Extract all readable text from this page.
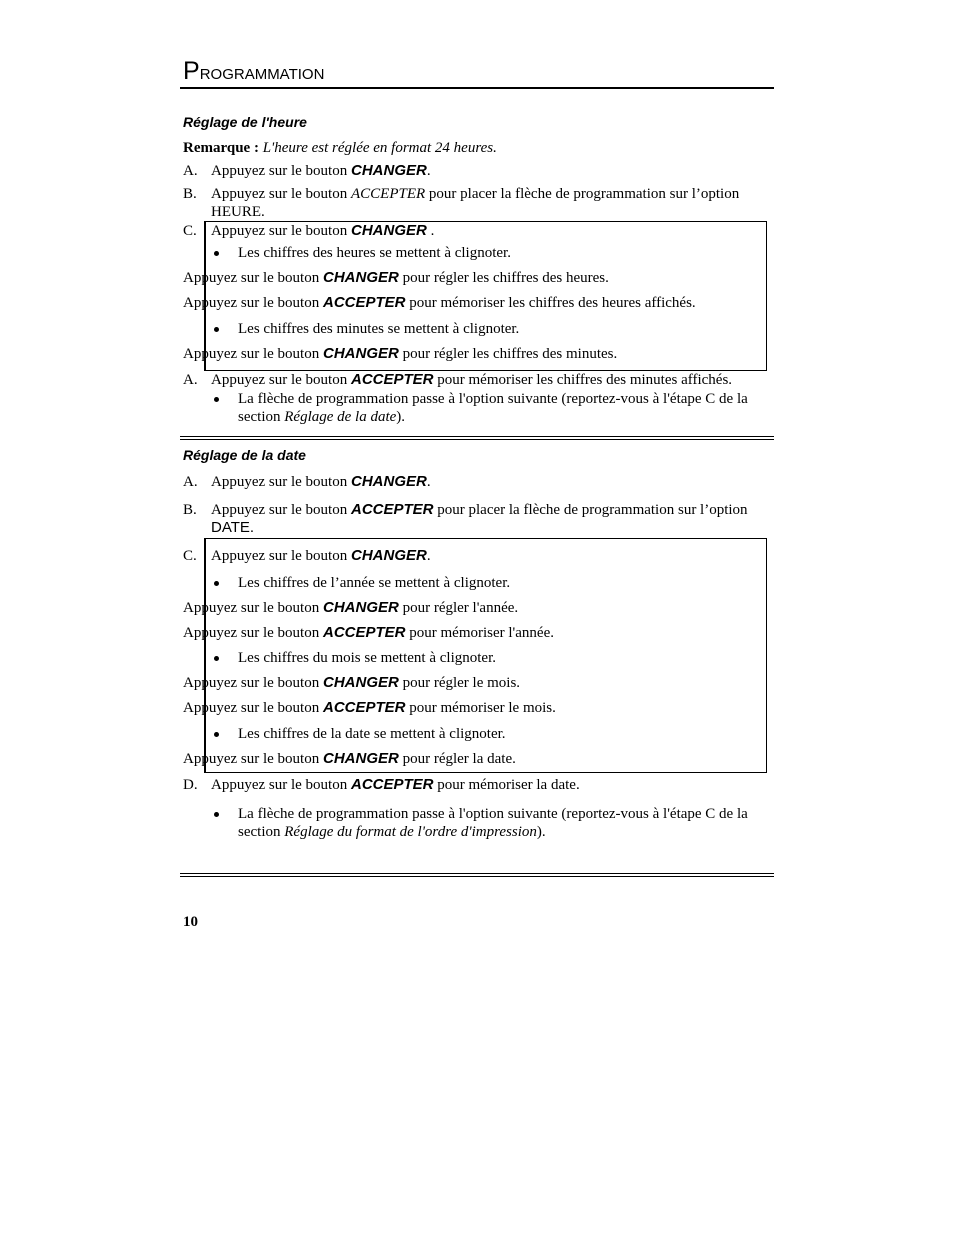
PROGRAMMATION
Réglage de l'heure
Remarque : L'heure est réglée en format 24 heures.
A. Appuyez sur le bouton CHANGER.
B. Appuyez sur le bouton ACCEPTER pour placer la flèche de programmation sur l’option
HEURE.
C. Appuyez sur le bouton CHANGER .
Les chiffres des heures se mettent à clignoter.
Appuyez sur le bouton CHANGER pour régler les chiffres des heures.
Appuyez sur le bouton ACCEPTER pour mémoriser les chiffres des heures affichés.
Les chiffres des minutes se mettent à clignoter.
Appuyez sur le bouton CHANGER pour régler les chiffres des minutes.
A. Appuyez sur le bouton ACCEPTER pour mémoriser les chiffres des minutes affichés.
La flèche de programmation passe à l'option suivante (reportez-vous à l'étape C de la
section Réglage de la date).
Réglage de la date
A. Appuyez sur le bouton CHANGER.
B. Appuyez sur le bouton ACCEPTER pour placer la flèche de programmation sur l’option
DATE.
C. Appuyez sur le bouton CHANGER.
Les chiffres de l’année se mettent à clignoter.
Appuyez sur le bouton CHANGER pour régler l'année.
Appuyez sur le bouton ACCEPTER pour mémoriser l'année.
Les chiffres du mois se mettent à clignoter.
Appuyez sur le bouton CHANGER pour régler le mois.
Appuyez sur le bouton ACCEPTER pour mémoriser le mois.
Les chiffres de la date se mettent à clignoter.
Appuyez sur le bouton CHANGER pour régler la date.
D. Appuyez sur le bouton ACCEPTER pour mémoriser la date.
La flèche de programmation passe à l'option suivante (reportez-vous à l'étape C de la
section Réglage du format de l'ordre d'impression).
10
